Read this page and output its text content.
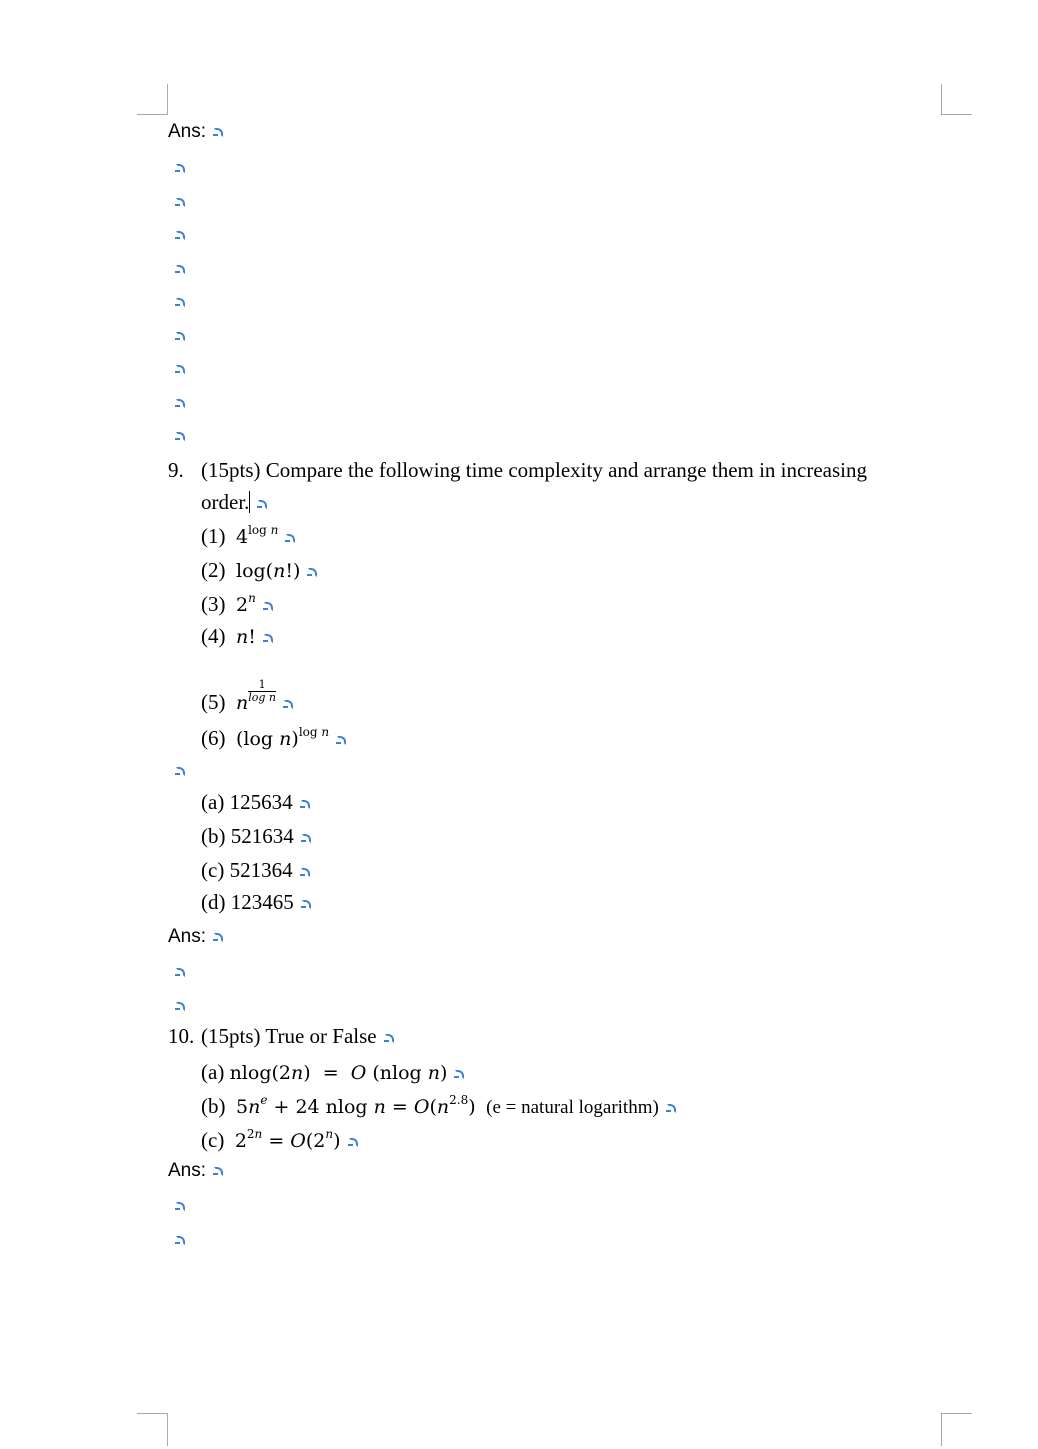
Ans:
9. (15pts) Compare the following time complexity and arrange them in increasing
order.
(1) $4^{log n}$
(2) log(n!)
(3) 2$^n$
(4) n!
(5) n $\frac{1}{\text{log n}}$
(6) (log n)$^{log n}$
(a) 125634
(b) 521634
(c) 521364
(d) 123465
Ans:
10. (15pts) True or False
(a) nlog(2n)  =  O (nlog n)
(b) $5n^e + 24$ nlog $n = O(n^{2.8}) (e$ = natural logarithm)
(c) $2^{2n} = O(2^n)$
Ans:
